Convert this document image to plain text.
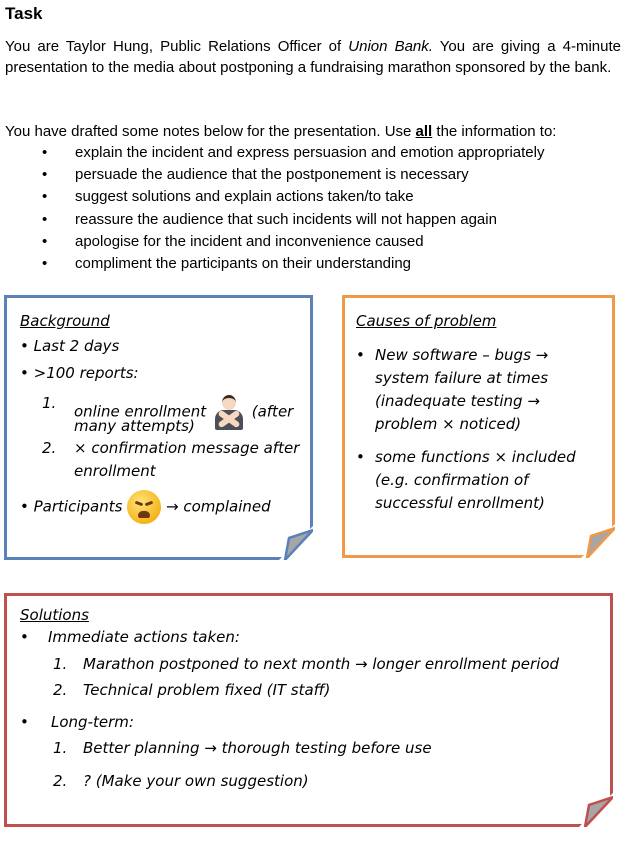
Task
You are Taylor Hung, Public Relations Officer of Union Bank. You are giving a 4-minute presentation to the media about postponing a fundraising marathon sponsored by the bank.
You have drafted some notes below for the presentation. Use all the information to:
• explain the incident and express persuasion and emotion appropriately
• persuade the audience that the postponement is necessary
• suggest solutions and explain actions taken/to take
• reassure the audience that such incidents will not happen again
• apologise for the incident and inconvenience caused
• compliment the participants on their understanding
Background
• Last 2 days
• >100 reports:
1. online enrollment	(after
many attempts)
2. × confirmation message after
enrollment
• Participants	→ complained
Causes of problem
• New software – bugs →
system failure at times
(inadequate testing →
problem × noticed)
• some functions × included
(e.g. confirmation of
successful enrollment)
Solutions
• Immediate actions taken:
1. Marathon postponed to next month → longer enrollment period
2. Technical problem fixed (IT staff)
• Long-term:
1. Better planning → thorough testing before use
2. ? (Make your own suggestion)
